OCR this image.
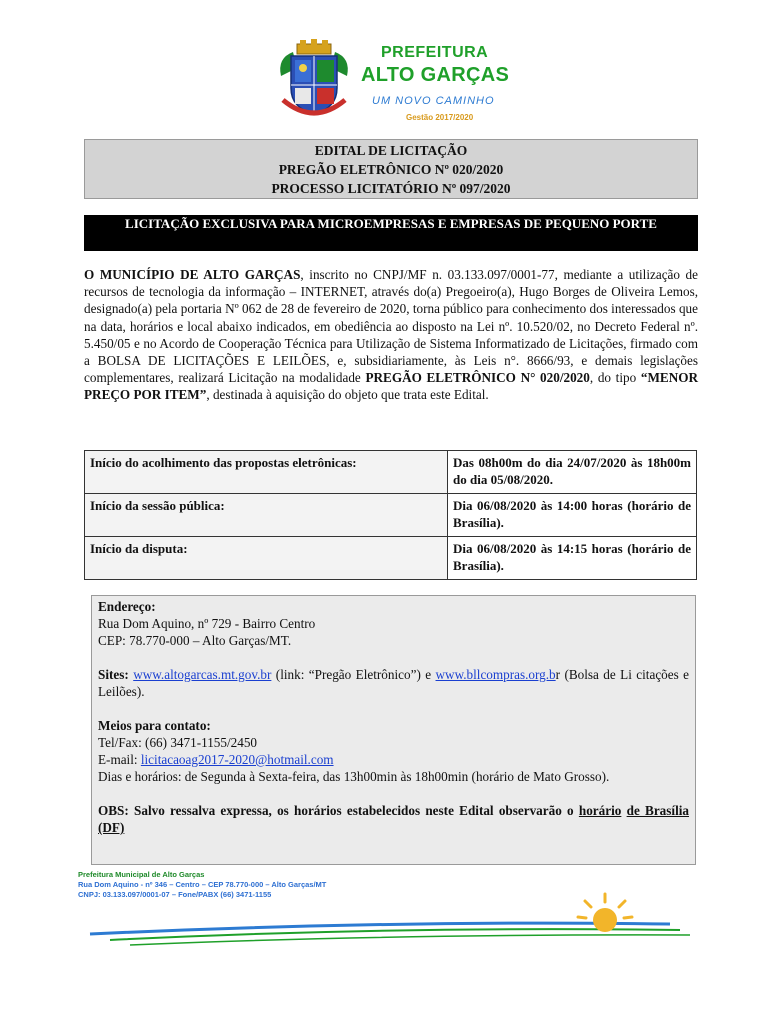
PREFEITURA
ALTO GARÇAS
UM NOVO CAMINHO
Gestão 2017/2020
EDITAL DE LICITAÇÃO
PREGÃO ELETRÔNICO Nº 020/2020
PROCESSO LICITATÓRIO Nº 097/2020
LICITAÇÃO EXCLUSIVA PARA MICROEMPRESAS E EMPRESAS DE PEQUENO PORTE
O MUNICÍPIO DE ALTO GARÇAS, inscrito no CNPJ/MF n. 03.133.097/0001-77, mediante a utilização de recursos de tecnologia da informação – INTERNET, através do(a) Pregoeiro(a), Hugo Borges de Oliveira Lemos, designado(a) pela portaria Nº 062 de 28 de fevereiro de 2020, torna público para conhecimento dos interessados que na data, horários e local abaixo indicados, em obediência ao disposto na Lei nº. 10.520/02, no Decreto Federal nº. 5.450/05 e no Acordo de Cooperação Técnica para Utilização de Sistema Informatizado de Licitações, firmado com a BOLSA DE LICITAÇÕES E LEILÕES, e, subsidiariamente, às Leis n°. 8666/93, e demais legislações complementares, realizará Licitação na modalidade PREGÃO ELETRÔNICO N° 020/2020, do tipo “MENOR PREÇO POR ITEM”, destinada à aquisição do objeto que trata este Edital.
Início do acolhimento das propostas eletrônicas:	Das 08h00m do dia 24/07/2020 às 18h00m do dia 05/08/2020.
Início da sessão pública:	Dia 06/08/2020 às 14:00 horas (horário de Brasília).
Início da disputa:	Dia 06/08/2020 às 14:15 horas (horário de Brasília).

Endereço:

Rua Dom Aquino, nº 729 - Bairro Centro

CEP: 78.770-000 – Alto Garças/MT.

Sites: www.altogarcas.mt.gov.br (link: “Pregão Eletrônico”) e www.bllcompras.org.br (Bolsa de Li citações e Leilões).

Meios para contato:

Tel/Fax: (66) 3471-1155/2450

E-mail: licitacaoag2017-2020@hotmail.com

Dias e horários: de Segunda à Sexta-feira, das 13h00min às 18h00min (horário de Mato Grosso).

OBS: Salvo ressalva expressa, os horários estabelecidos neste Edital observarão o horário de Brasília (DF)

Prefeitura Municipal de Alto Garças
Rua Dom Aquino - nº 346 – Centro – CEP 78.770-000 – Alto Garças/MT
CNPJ: 03.133.097/0001-07 – Fone/PABX (66) 3471-1155
